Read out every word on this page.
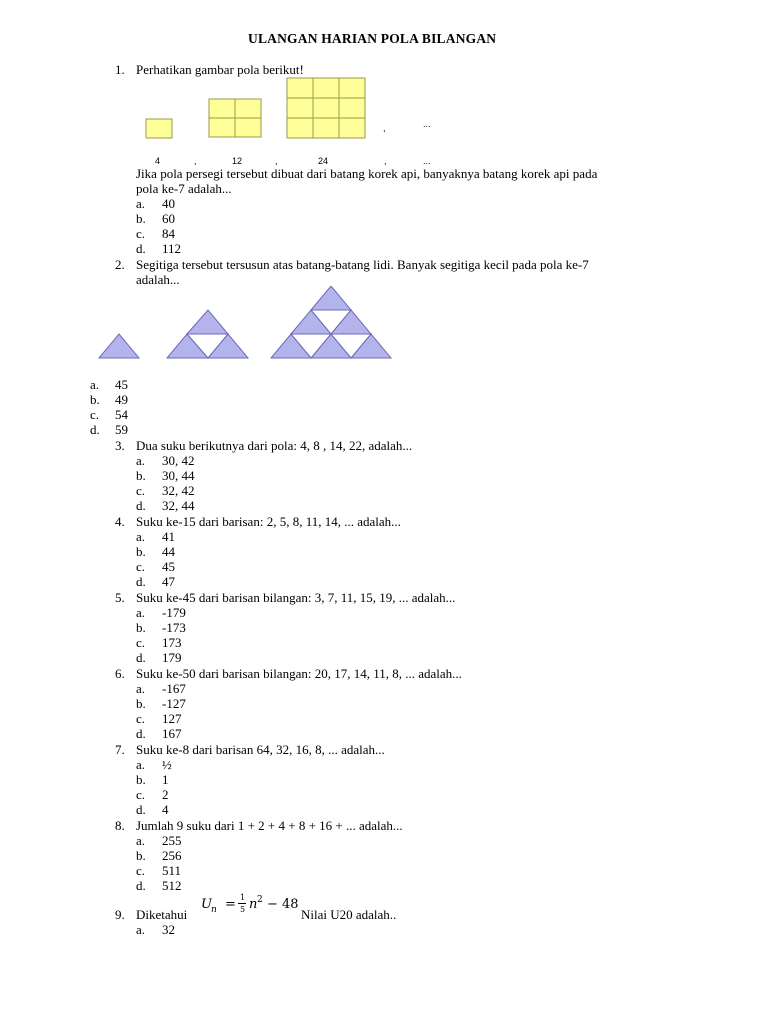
ULANGAN HARIAN POLA BILANGAN
1. Perhatikan gambar pola berikut!
,	...
4	,	12	,	24	,	...
Jika pola persegi tersebut dibuat dari batang korek api, banyaknya batang korek api pada
pola ke-7 adalah...
a. 40
b. 60
c. 84
d. 112
2. Segitiga tersebut tersusun atas batang-batang lidi. Banyak segitiga kecil pada pola ke-7
adalah...
a. 45
b. 49
c. 54
d. 59
3. Dua suku berikutnya dari pola: 4, 8 , 14, 22, adalah...
a. 30, 42
b. 30, 44
c. 32, 42
d. 32, 44
4. Suku ke-15 dari barisan: 2, 5, 8, 11, 14, ... adalah...
a. 41
b. 44
c. 45
d. 47
5. Suku ke-45 dari barisan bilangan: 3, 7, 11, 15, 19, ... adalah...
a. -179
b. -173
c. 173
d. 179
6. Suku ke-50 dari barisan bilangan: 20, 17, 14, 11, 8, ... adalah...
a. -167
b. -127
c. 127
d. 167
7. Suku ke-8 dari barisan 64, 32, 16, 8, ... adalah...
a. ½
b. 1
c. 2
d. 4
8. Jumlah 9 suku dari 1 + 2 + 4 + 8 + 16 + ... adalah...
a. 255
b. 256
c. 511
d. 512
9. Diketahui
U n = 1
5 n 2 − 48
Nilai U20 adalah..
a. 32
